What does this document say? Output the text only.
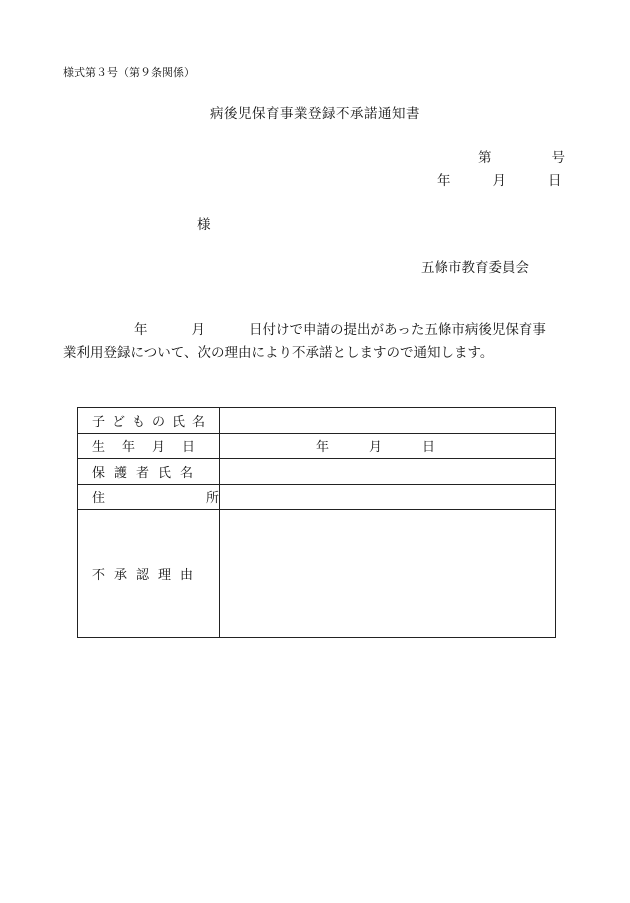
様式第３号（第９条関係）
病後児保育事業登録不承諾通知書
第	号
年	月	日
様
五條市教育委員会
年	月	日付けで申請の提出があった五條市病後児保育事
業利用登録について、次の理由により不承諾としますので通知します。
子どもの氏名	
生年月日	年 月 日
保護者氏名	
住 所	

不承認理由	
